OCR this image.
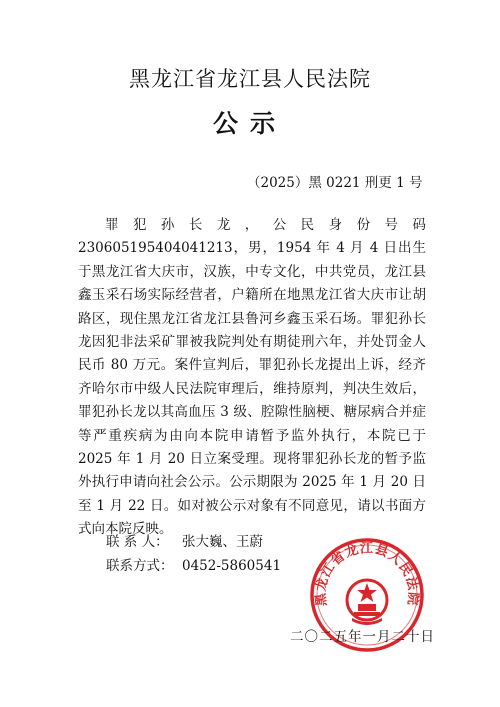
黑龙江省龙江县人民法院
公示
（2025）黑 0221 刑更 1 号
罪犯孙长龙，公民身份号码 230605195404041213，男，1954 年 4 月 4 日出生于黑龙江省大庆市，汉族，中专文化，中共党员，龙江县鑫玉采石场实际经营者，户籍所在地黑龙江省大庆市让胡路区，现住黑龙江省龙江县鲁河乡鑫玉采石场。罪犯孙长龙因犯非法采矿罪被我院判处有期徒刑六年，并处罚金人民币 80 万元。案件宣判后，罪犯孙长龙提出上诉，经齐齐哈尔市中级人民法院审理后，维持原判，判决生效后，罪犯孙长龙以其高血压 3 级、腔隙性脑梗、糖尿病合并症等严重疾病为由向本院申请暂予监外执行，本院已于 2025 年 1 月 20 日立案受理。现将罪犯孙长龙的暂予监外执行申请向社会公示。公示期限为 2025 年 1 月 20 日至 1 月 22 日。如对被公示对象有不同意见，请以书面方式向本院反映。
联 系 人： 张大巍、王蔚
联系方式： 0452-5860541
黑龙江省龙江县人民法院
二〇二五年一月二十日
